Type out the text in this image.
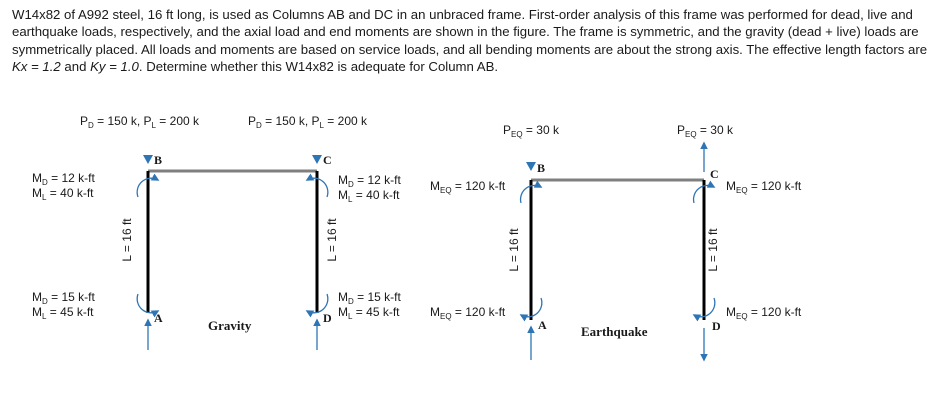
W14x82 of A992 steel, 16 ft long, is used as Columns AB and DC in an unbraced frame. First-order analysis of this frame was performed for dead, live and earthquake loads, respectively, and the axial load and end moments are shown in the figure. The frame is symmetric, and the gravity (dead + live) loads are symmetrically placed. All loads and moments are based on service loads, and all bending moments are about the strong axis. The effective length factors are Kx = 1.2 and Ky = 1.0. Determine whether this W14x82 is adequate for Column AB.

$P_D = 150$ k, $P_L = 200$ k	$P_D = 150$ k, $P_L = 200$ k
$M_D = 12$ k-ft
$M_L = 40$ k-ft
$M_D = 12$ k-ft
$M_L = 40$ k-ft
$M_D = 15$ k-ft
$M_L = 45$ k-ft
$M_D = 15$ k-ft
$M_L = 45$ k-ft
L = 16 ft	L = 16 ft
B	C
A	D
Gravity
$P_{EQ} = 30$ k	$P_{EQ} = 30$ k
$M_{EQ} = 120$ k-ft	$M_{EQ} = 120$ k-ft
$M_{EQ} = 120$ k-ft	$M_{EQ} = 120$ k-ft
L = 16 ft	L = 16 ft
B	C
A	D
Earthquake
